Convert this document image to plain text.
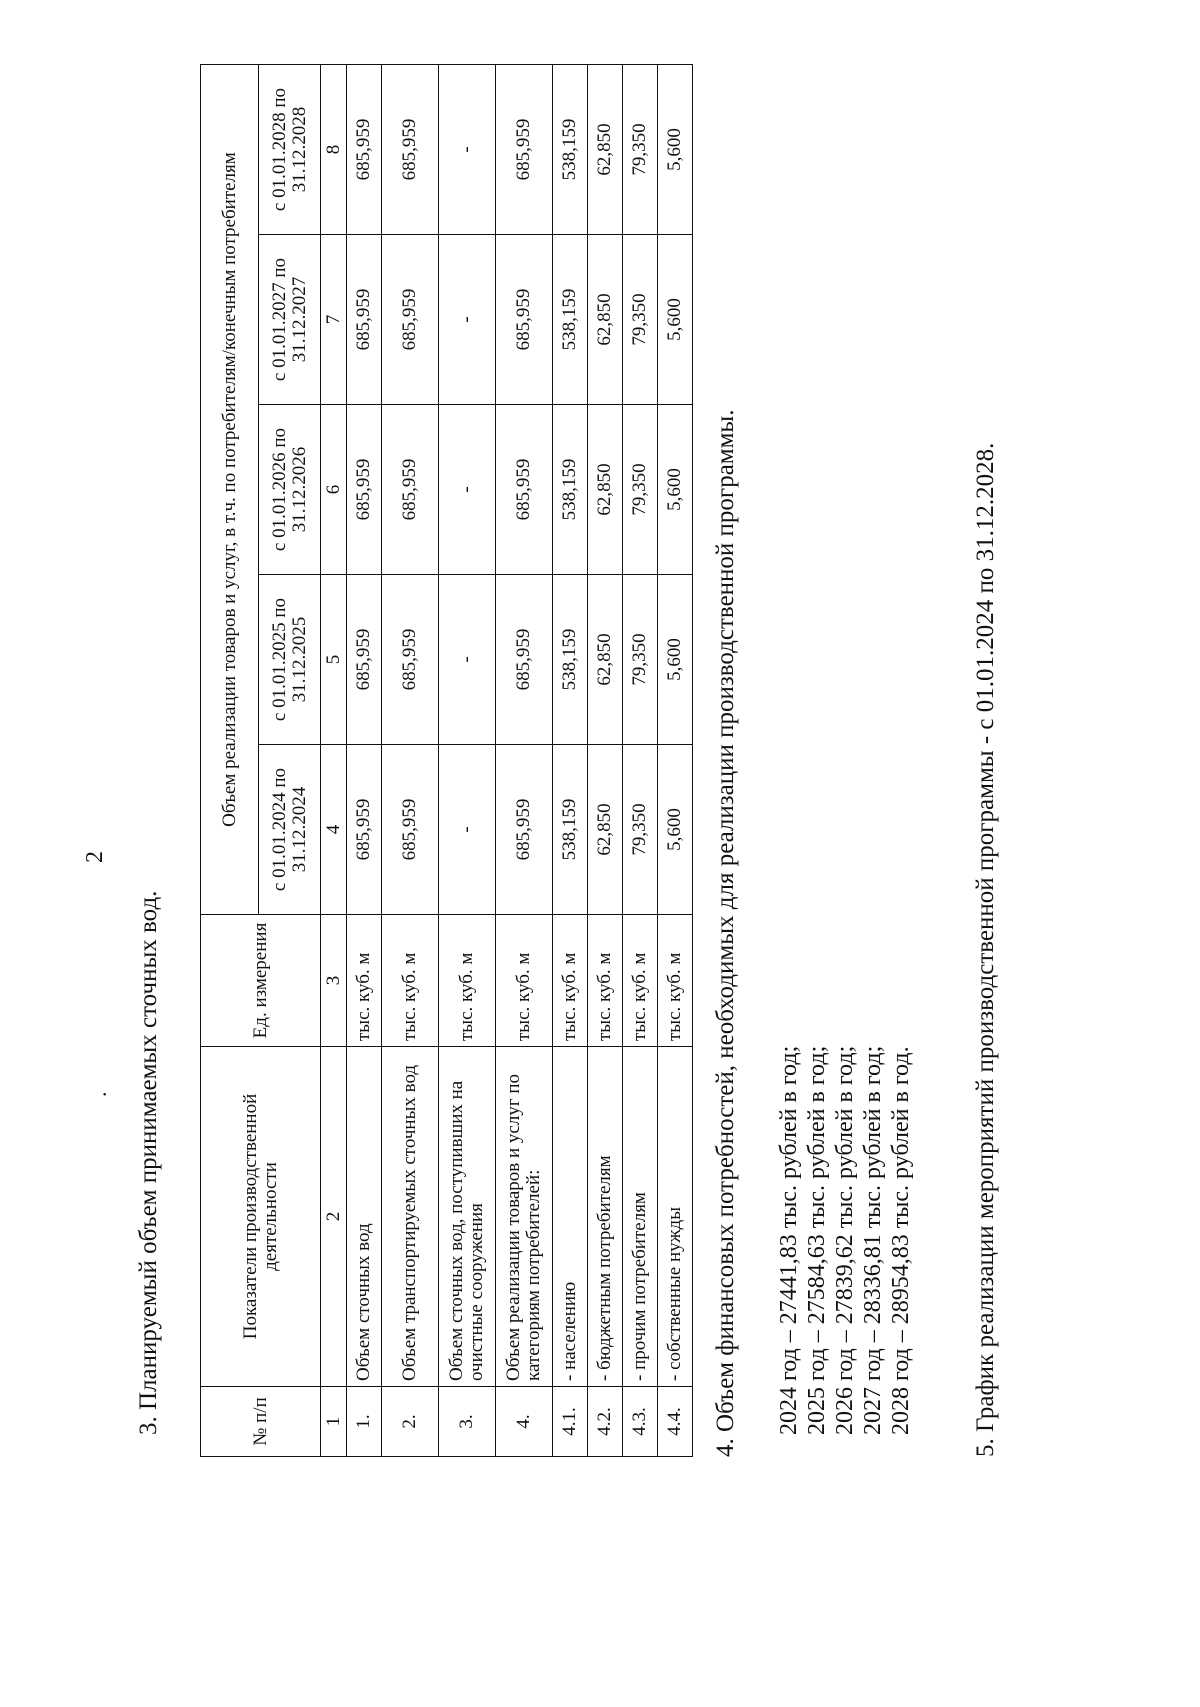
2
. 3. Планируемый объем принимаемых сточных вод.	№ п/п	Показатели производственной деятельности	Ед. измерения	Объем реализации товаров и услуг, в т.ч. по потребителям/конечным потребителям				
			с 01.01.2024 по 31.12.2024	с 01.01.2025 по 31.12.2025	с 01.01.2026 по 31.12.2026	с 01.01.2027 по 31.12.2027	с 01.01.2028 по 31.12.2028
1	2	3	4	5	6	7	8
1.	Объем сточных вод	тыс. куб. м	685,959	685,959	685,959	685,959	685,959
2.	Объем транспортируемых сточных вод	тыс. куб. м	685,959	685,959	685,959	685,959	685,959
3.	Объем сточных вод, поступивших на очистные сооружения	тыс. куб. м	-	-	-	-	-
4.	Объем реализации товаров и услуг по категориям потребителей:	тыс. куб. м	685,959	685,959	685,959	685,959	685,959
4.1.	- населению	тыс. куб. м	538,159	538,159	538,159	538,159	538,159
4.2.	- бюджетным потребителям	тыс. куб. м	62,850	62,850	62,850	62,850	62,850
4.3.	- прочим потребителям	тыс. куб. м	79,350	79,350	79,350	79,350	79,350
4.4.	- собственные нужды	тыс. куб. м	5,600	5,600	5,600	5,600	5,600
4. Объем финансовых потребностей, необходимых для реализации производственной программы. 2024 год – 27441,83 тыс. рублей в год; 2025 год – 27584,63 тыс. рублей в год; 2026 год – 27839,62 тыс. рублей в год; 2027 год – 28336,81 тыс. рублей в год; 2028 год – 28954,83 тыс. рублей в год. 5. График реализации мероприятий производственной программы - с 01.01.2024 по 31.12.2028.
